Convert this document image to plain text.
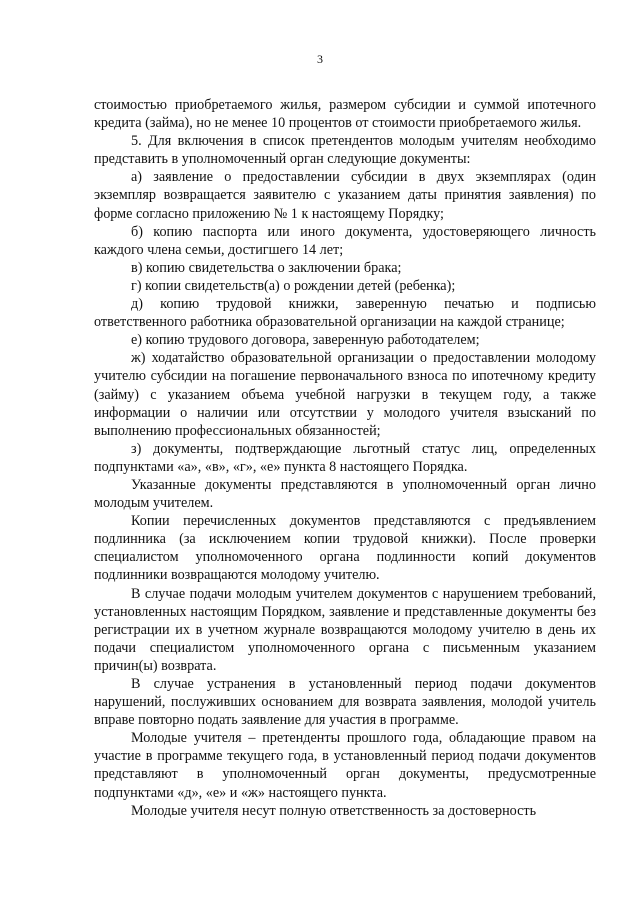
3

стоимостью приобретаемого жилья, размером субсидии и суммой ипотечного кредита (займа), но не менее 10 процентов от стоимости приобретаемого жилья.

5. Для включения в список претендентов молодым учителям необходимо представить в уполномоченный орган следующие документы:

а) заявление о предоставлении субсидии в двух экземплярах (один экземпляр возвращается заявителю с указанием даты принятия заявления) по форме согласно приложению № 1 к настоящему Порядку;

б) копию паспорта или иного документа, удостоверяющего личность каждого члена семьи, достигшего 14 лет;

в) копию свидетельства о заключении брака;

г) копии свидетельств(а) о рождении детей (ребенка);

д) копию трудовой книжки, заверенную печатью и подписью ответственного работника образовательной организации на каждой странице;

е) копию трудового договора, заверенную работодателем;

ж) ходатайство образовательной организации о предоставлении молодому учителю субсидии на погашение первоначального взноса по ипотечному кредиту (займу) с указанием объема учебной нагрузки в текущем году, а также информации о наличии или отсутствии у молодого учителя взысканий по выполнению профессиональных обязанностей;

з) документы, подтверждающие льготный статус лиц, определенных подпунктами «а», «в», «г», «е» пункта 8 настоящего Порядка.

Указанные документы представляются в уполномоченный орган лично молодым учителем.

Копии перечисленных документов представляются с предъявлением подлинника (за исключением копии трудовой книжки). После проверки специалистом уполномоченного органа подлинности копий документов подлинники возвращаются молодому учителю.

В случае подачи молодым учителем документов с нарушением требований, установленных настоящим Порядком, заявление и представленные документы без регистрации их в учетном журнале возвращаются молодому учителю в день их подачи специалистом уполномоченного органа с письменным указанием причин(ы) возврата.

В случае устранения в установленный период подачи документов нарушений, послуживших основанием для возврата заявления, молодой учитель вправе повторно подать заявление для участия в программе.

Молодые учителя – претенденты прошлого года, обладающие правом на участие в программе текущего года, в установленный период подачи документов представляют в уполномоченный орган документы, предусмотренные подпунктами «д», «е» и «ж» настоящего пункта.

Молодые учителя несут полную ответственность за достоверность
